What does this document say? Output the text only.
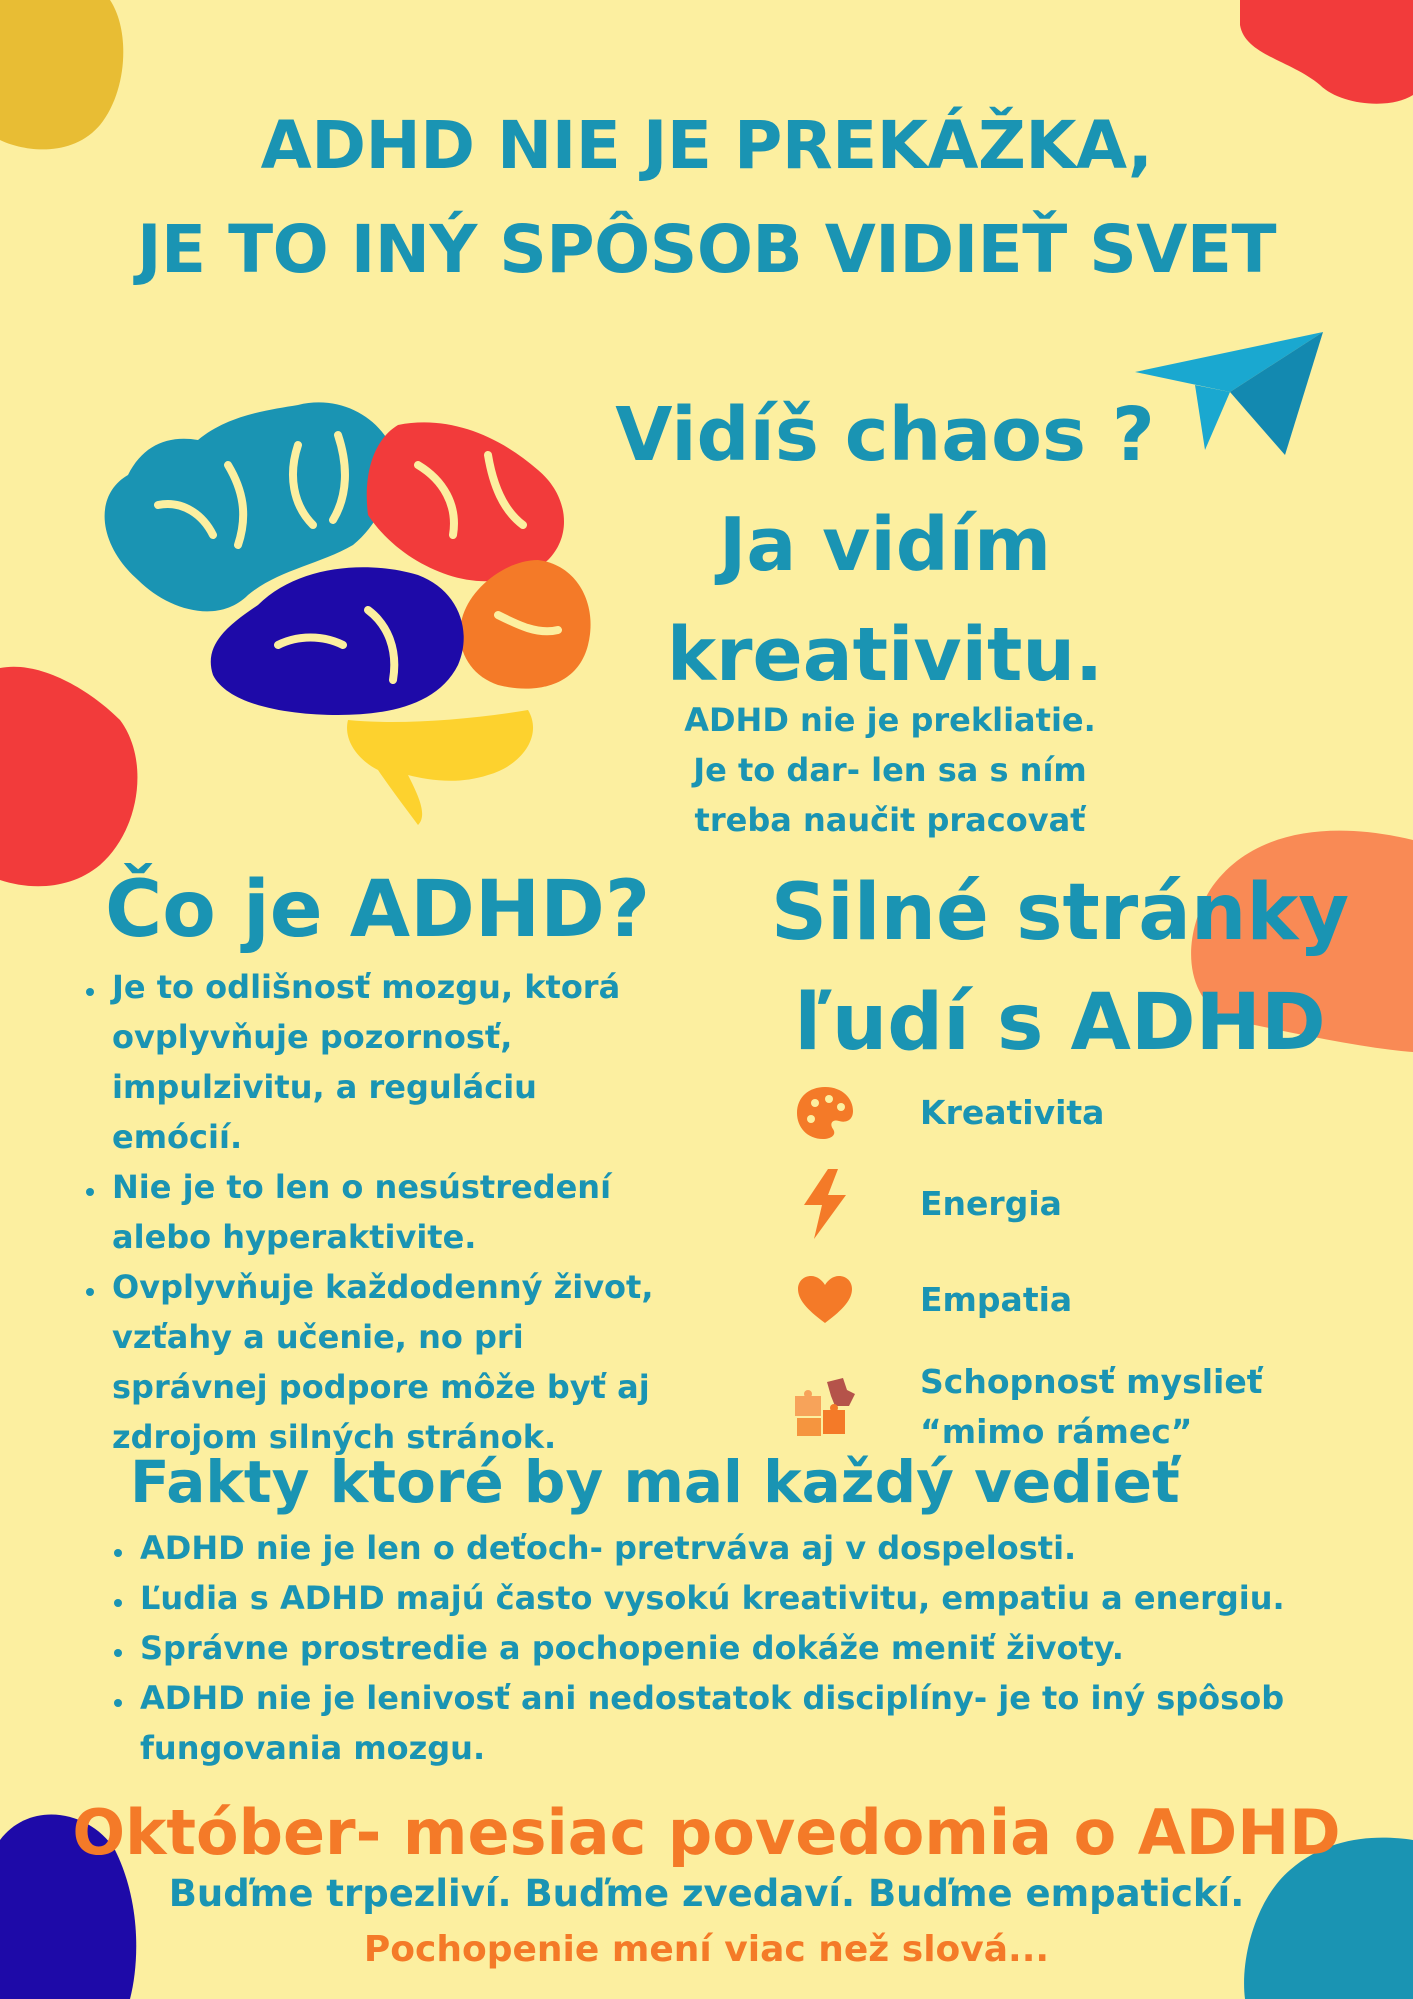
ADHD NIE JE PREKÁŽKA,
JE TO INÝ SPÔSOB VIDIEŤ SVET
Vidíš chaos ?
Ja vidím
kreativitu.
ADHD nie je prekliatie.
Je to dar- len sa s ním
treba naučit pracovať
Čo je ADHD?
Je to odlišnosť mozgu, ktorá
ovplyvňuje pozornosť,
impulzivitu, a reguláciu emócií.
Nie je to len o nesústredení
alebo hyperaktivite.
Ovplyvňuje každodenný život,
vzťahy a učenie, no pri
správnej podpore môže byť aj
zdrojom silných stránok.
Silné stránky
ľudí s ADHD
Kreativita
Energia
Empatia
Schopnosť myslieť
“mimo rámec”
Fakty ktoré by mal každý vedieť
ADHD nie je len o deťoch- pretrváva aj v dospelosti.
Ľudia s ADHD majú často vysokú kreativitu, empatiu a energiu.
Správne prostredie a pochopenie dokáže meniť životy.
ADHD nie je lenivosť ani nedostatok disciplíny- je to iný spôsob
fungovania mozgu.
Október- mesiac povedomia o ADHD
Buďme trpezliví. Buďme zvedaví. Buďme empatickí.
Pochopenie mení viac než slová...
